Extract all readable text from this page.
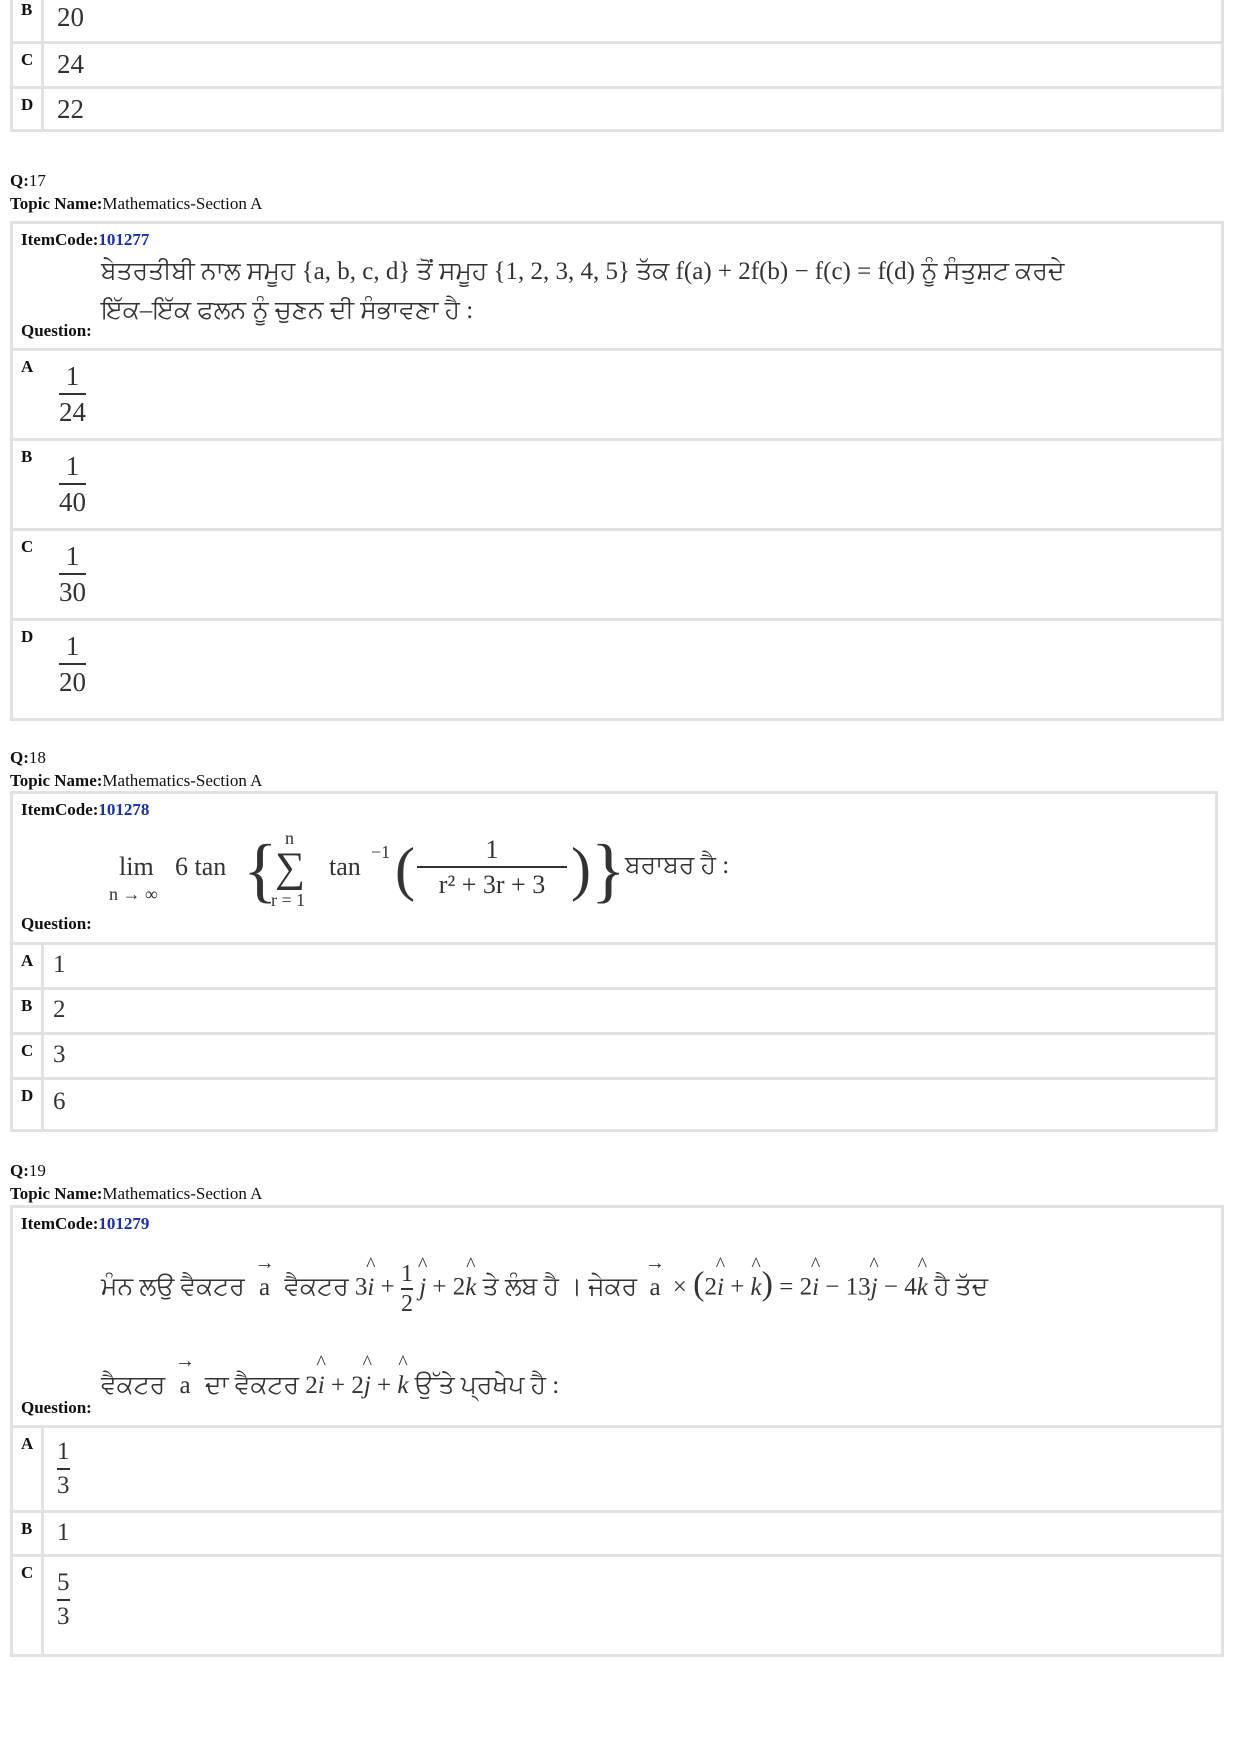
B 20
C 24
D 22
Q:17
Topic Name:Mathematics-Section A
ItemCode:101277
ਬੇਤਰਤੀਬੀ ਨਾਲ ਸਮੂਹ {a, b, c, d} ਤੋਂ ਸਮੂਹ {1, 2, 3, 4, 5} ਤੱਕ f(a) + 2f(b) − f(c) = f(d) ਨੂੰ ਸੰਤੁਸ਼ਟ ਕਰਦੇ
ਇੱਕ–ਇੱਕ ਫਲਨ ਨੂੰ ਚੁਣਨ ਦੀ ਸੰਭਾਵਣਾ ਹੈ :
Question:
A 1
24
B	1
40
C 1
30
D 1
20
Q:18
Topic Name:Mathematics-Section A
ItemCode:101278
lim
n → ∞
6 tan { n
∑
r = 1
tan −1 (	1
r² + 3r + 3 ) } ਬਰਾਬਰ ਹੈ :
Question:
A 1
B 2
C 3
D 6
Q:19
Topic Name:Mathematics-Section A
ItemCode:101279
ਮੰਨ ਲਉ ਵੈਕਟਰ
→
a ਵੈਕਟਰ 3
^
$i + \frac{1}{2}$
^
j + 2
^
k ਤੇ ਲੰਬ ਹੈ । ਜੇਕਰ
→
a × (2
^
i +
^
k) = 2
^
i − 13
^
j − 4
^
k ਹੈ ਤੱਦ
ਵੈਕਟਰ
→
a ਦਾ ਵੈਕਟਰ 2
^
i + 2
^
j +
^
k ਉੱਤੇ ਪ੍ਰਖੇਪ ਹੈ :
Question:
A 1
3
B 1
C 5
3
